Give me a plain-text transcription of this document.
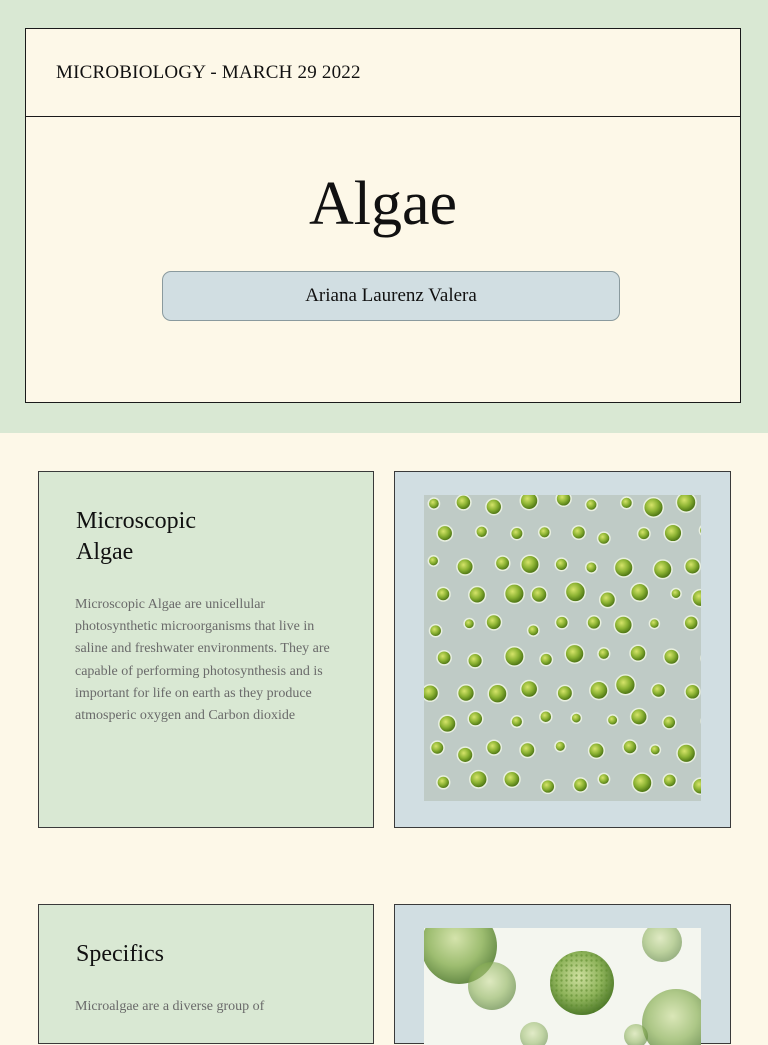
MICROBIOLOGY - MARCH 29 2022
Algae
Ariana Laurenz Valera
Microscopic Algae
Microscopic Algae are unicellular photosynthetic microorganisms that live in saline and freshwater environments. They are capable of performing photosynthesis and is important for life on earth as they produce atmosperic oxygen and Carbon dioxide
Specifics
Microalgae are a diverse group of
